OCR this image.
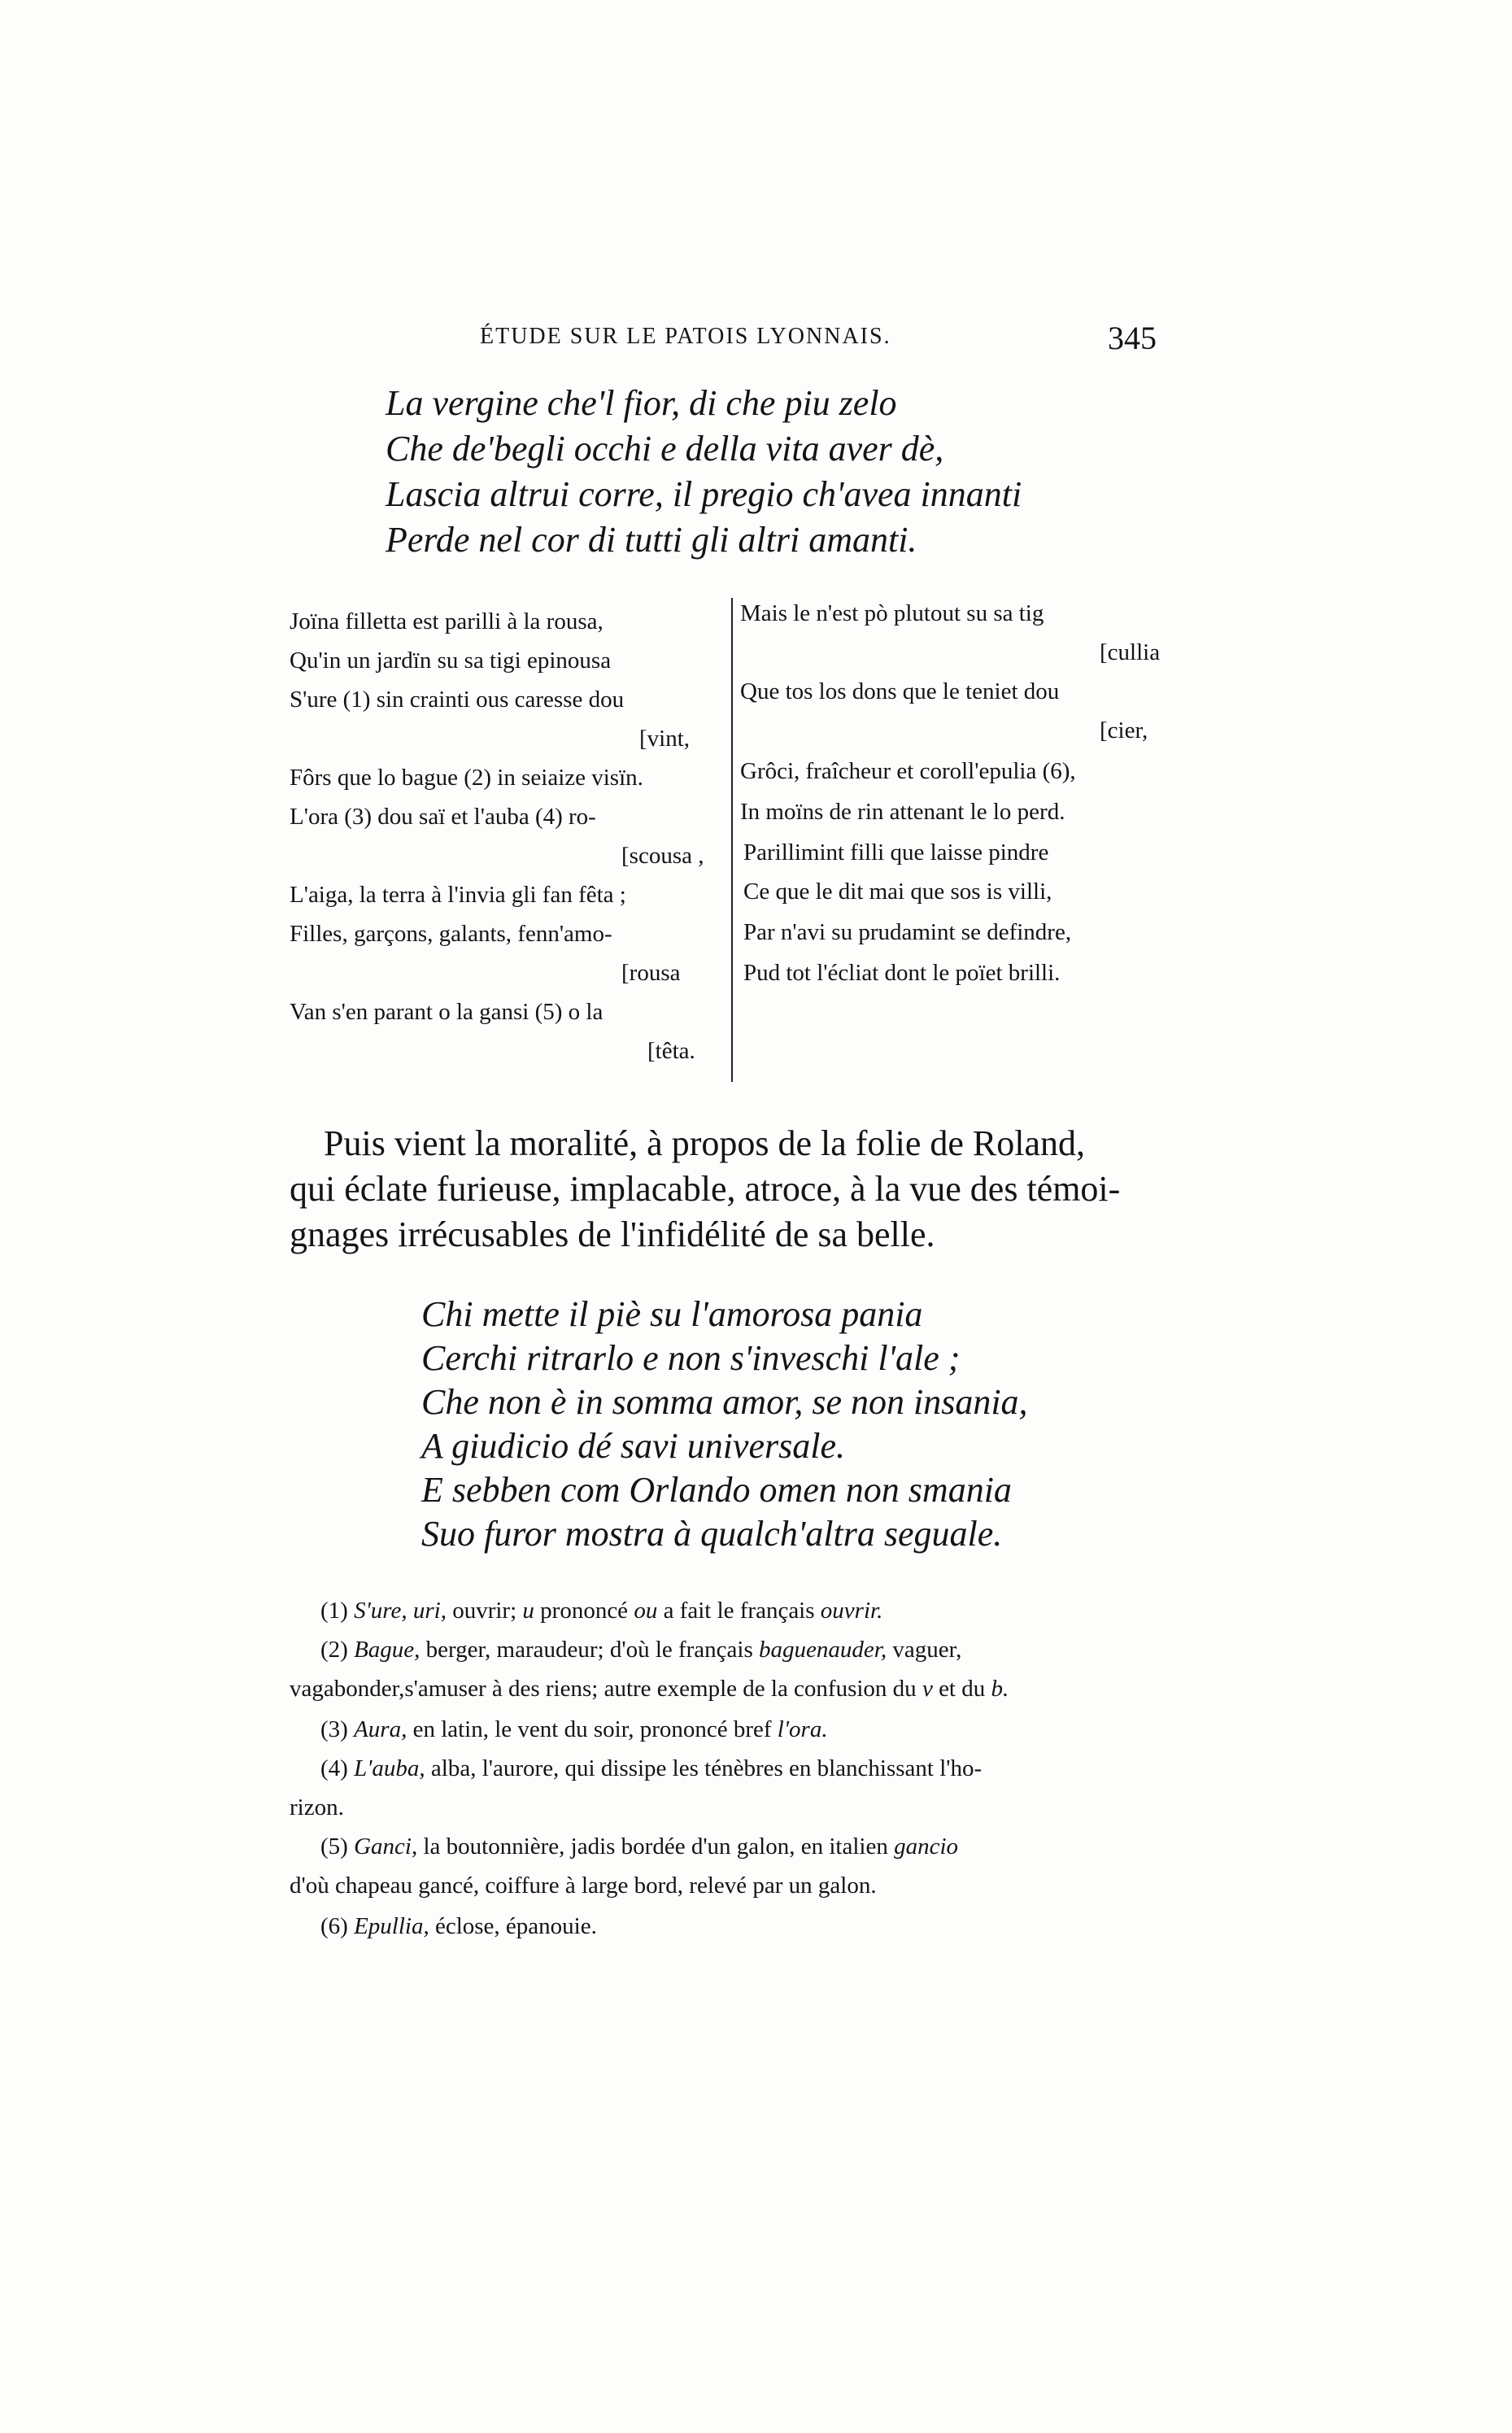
ÉTUDE SUR LE PATOIS LYONNAIS.	345
La vergine che'l fior, di che piu zelo
Che de'begli occhi e della vita aver dè,
Lascia altrui corre, il pregio ch'avea innanti
Perde nel cor di tutti gli altri amanti.
Joïna filletta est parilli à la rousa,
Qu'in un jardïn su sa tigi epinousa
S'ure (1) sin crainti ous caresse dou
[vint,
Fôrs que lo bague (2) in seiaize visïn.
L'ora (3) dou saï et l'auba (4) ro-
[scousa ,
L'aiga, la terra à l'invia gli fan fêta ;
Filles, garçons, galants, fenn'amo-
[rousa
Van s'en parant o la gansi (5) o la
[têta.
Mais le n'est pò plutout su sa tig
[cullia
Que tos los dons que le teniet dou
[cier,
Grôci, fraîcheur et coroll'epulia (6),
In moïns de rin attenant le lo perd.
Parillimint filli que laisse pindre
Ce que le dit mai que sos is villi,
Par n'avi su prudamint se defindre,
Pud tot l'écliat dont le poïet brilli.
Puis vient la moralité, à propos de la folie de Roland,
qui éclate furieuse, implacable, atroce, à la vue des témoi-
gnages irrécusables de l'infidélité de sa belle.
Chi mette il piè su l'amorosa pania
Cerchi ritrarlo e non s'inveschi l'ale ;
Che non è in somma amor, se non insania,
A giudicio dé savi universale.
E sebben com Orlando omen non smania
Suo furor mostra à qualch'altra seguale.
(1) S'ure, uri, ouvrir; u prononcé ou a fait le français ouvrir.
(2) Bague, berger, maraudeur; d'où le français baguenauder, vaguer,
vagabonder,s'amuser à des riens; autre exemple de la confusion du v et du b.
(3) Aura, en latin, le vent du soir, prononcé bref l'ora.
(4) L'auba, alba, l'aurore, qui dissipe les ténèbres en blanchissant l'ho-
rizon.
(5) Ganci, la boutonnière, jadis bordée d'un galon, en italien gancio
d'où chapeau gancé, coiffure à large bord, relevé par un galon.
(6) Epullia, éclose, épanouie.
